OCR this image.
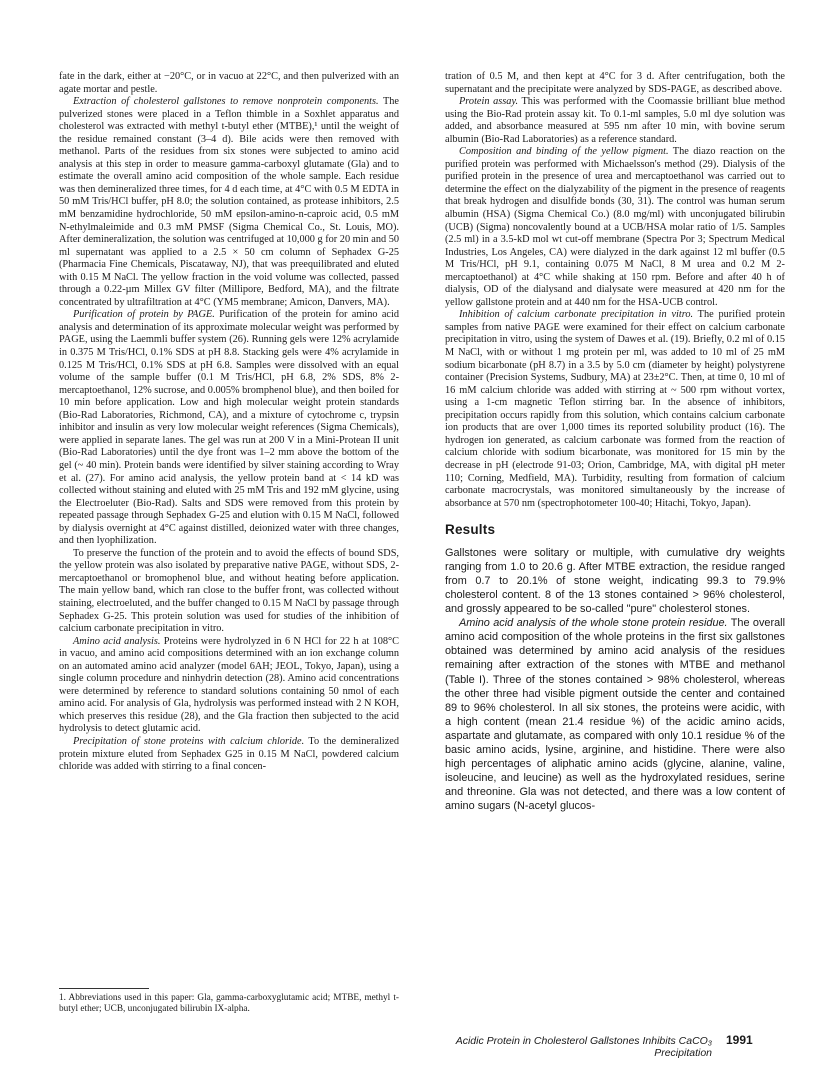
fate in the dark, either at −20°C, or in vacuo at 22°C, and then pulverized with an agate mortar and pestle.

Extraction of cholesterol gallstones to remove nonprotein components. The pulverized stones were placed in a Teflon thimble in a Soxhlet apparatus and cholesterol was extracted with methyl t-butyl ether (MTBE),¹ until the weight of the residue remained constant (3–4 d). Bile acids were then removed with methanol. Parts of the residues from six stones were subjected to amino acid analysis at this step in order to measure gamma-carboxyl glutamate (Gla) and to estimate the overall amino acid composition of the whole sample. Each residue was then demineralized three times, for 4 d each time, at 4°C with 0.5 M EDTA in 50 mM Tris/HCl buffer, pH 8.0; the solution contained, as protease inhibitors, 2.5 mM benzamidine hydrochloride, 50 mM epsilon-amino-n-caproic acid, 0.5 mM N-ethylmaleimide and 0.3 mM PMSF (Sigma Chemical Co., St. Louis, MO). After demineralization, the solution was centrifuged at 10,000 g for 20 min and 50 ml supernatant was applied to a 2.5 × 50 cm column of Sephadex G-25 (Pharmacia Fine Chemicals, Piscataway, NJ), that was preequilibrated and eluted with 0.15 M NaCl. The yellow fraction in the void volume was collected, passed through a 0.22-µm Millex GV filter (Millipore, Bedford, MA), and the filtrate concentrated by ultrafiltration at 4°C (YM5 membrane; Amicon, Danvers, MA).

Purification of protein by PAGE. Purification of the protein for amino acid analysis and determination of its approximate molecular weight was performed by PAGE, using the Laemmli buffer system (26). Running gels were 12% acrylamide in 0.375 M Tris/HCl, 0.1% SDS at pH 8.8. Stacking gels were 4% acrylamide in 0.125 M Tris/HCl, 0.1% SDS at pH 6.8. Samples were dissolved with an equal volume of the sample buffer (0.1 M Tris/HCl, pH 6.8, 2% SDS, 8% 2-mercaptoethanol, 12% sucrose, and 0.005% bromphenol blue), and then boiled for 10 min before application. Low and high molecular weight protein standards (Bio-Rad Laboratories, Richmond, CA), and a mixture of cytochrome c, trypsin inhibitor and insulin as very low molecular weight references (Sigma Chemicals), were applied in separate lanes. The gel was run at 200 V in a Mini-Protean II unit (Bio-Rad Laboratories) until the dye front was 1–2 mm above the bottom of the gel (~ 40 min). Protein bands were identified by silver staining according to Wray et al. (27). For amino acid analysis, the yellow protein band at < 14 kD was collected without staining and eluted with 25 mM Tris and 192 mM glycine, using the Electroeluter (Bio-Rad). Salts and SDS were removed from this protein by repeated passage through Sephadex G-25 and elution with 0.15 M NaCl, followed by dialysis overnight at 4°C against distilled, deionized water with three changes, and then lyophilization.

To preserve the function of the protein and to avoid the effects of bound SDS, the yellow protein was also isolated by preparative native PAGE, without SDS, 2-mercaptoethanol or bromophenol blue, and without heating before application. The main yellow band, which ran close to the buffer front, was collected without staining, electroeluted, and the buffer changed to 0.15 M NaCl by passage through Sephadex G-25. This protein solution was used for studies of the inhibition of calcium carbonate precipitation in vitro.

Amino acid analysis. Proteins were hydrolyzed in 6 N HCl for 22 h at 108°C in vacuo, and amino acid compositions determined with an ion exchange column on an automated amino acid analyzer (model 6AH; JEOL, Tokyo, Japan), using a single column procedure and ninhydrin detection (28). Amino acid concentrations were determined by reference to standard solutions containing 50 nmol of each amino acid. For analysis of Gla, hydrolysis was performed instead with 2 N KOH, which preserves this residue (28), and the Gla fraction then subjected to the acid hydrolysis to detect glutamic acid.

Precipitation of stone proteins with calcium chloride. To the demineralized protein mixture eluted from Sephadex G25 in 0.15 M NaCl, powdered calcium chloride was added with stirring to a final concen-

1. Abbreviations used in this paper: Gla, gamma-carboxyglutamic acid; MTBE, methyl t-butyl ether; UCB, unconjugated bilirubin IX-alpha.

tration of 0.5 M, and then kept at 4°C for 3 d. After centrifugation, both the supernatant and the precipitate were analyzed by SDS-PAGE, as described above.

Protein assay. This was performed with the Coomassie brilliant blue method using the Bio-Rad protein assay kit. To 0.1-ml samples, 5.0 ml dye solution was added, and absorbance measured at 595 nm after 10 min, with bovine serum albumin (Bio-Rad Laboratories) as a reference standard.

Composition and binding of the yellow pigment. The diazo reaction on the purified protein was performed with Michaelsson's method (29). Dialysis of the purified protein in the presence of urea and mercaptoethanol was carried out to determine the effect on the dialyzability of the pigment in the presence of reagents that break hydrogen and disulfide bonds (30, 31). The control was human serum albumin (HSA) (Sigma Chemical Co.) (8.0 mg/ml) with unconjugated bilirubin (UCB) (Sigma) noncovalently bound at a UCB/HSA molar ratio of 1/5. Samples (2.5 ml) in a 3.5-kD mol wt cut-off membrane (Spectra Por 3; Spectrum Medical Industries, Los Angeles, CA) were dialyzed in the dark against 12 ml buffer (0.5 M Tris/HCl, pH 9.1, containing 0.075 M NaCl, 8 M urea and 0.2 M 2-mercaptoethanol) at 4°C while shaking at 150 rpm. Before and after 40 h of dialysis, OD of the dialysand and dialysate were measured at 420 nm for the yellow gallstone protein and at 440 nm for the HSA-UCB control.

Inhibition of calcium carbonate precipitation in vitro. The purified protein samples from native PAGE were examined for their effect on calcium carbonate precipitation in vitro, using the system of Dawes et al. (19). Briefly, 0.2 ml of 0.15 M NaCl, with or without 1 mg protein per ml, was added to 10 ml of 25 mM sodium bicarbonate (pH 8.7) in a 3.5 by 5.0 cm (diameter by height) polystyrene container (Precision Systems, Sudbury, MA) at 23±2°C. Then, at time 0, 10 ml of 16 mM calcium chloride was added with stirring at ~ 500 rpm without vortex, using a 1-cm magnetic Teflon stirring bar. In the absence of inhibitors, precipitation occurs rapidly from this solution, which contains calcium carbonate ion products that are over 1,000 times its reported solubility product (16). The hydrogen ion generated, as calcium carbonate was formed from the reaction of calcium chloride with sodium bicarbonate, was monitored for 15 min by the decrease in pH (electrode 91-03; Orion, Cambridge, MA, with digital pH meter 110; Corning, Medfield, MA). Turbidity, resulting from formation of calcium carbonate macrocrystals, was monitored simultaneously by the increase of absorbance at 570 nm (spectrophotometer 100-40; Hitachi, Tokyo, Japan).

Results

Gallstones were solitary or multiple, with cumulative dry weights ranging from 1.0 to 20.6 g. After MTBE extraction, the residue ranged from 0.7 to 20.1% of stone weight, indicating 99.3 to 79.9% cholesterol content. 8 of the 13 stones contained > 96% cholesterol, and grossly appeared to be so-called "pure" cholesterol stones.

Amino acid analysis of the whole stone protein residue. The overall amino acid composition of the whole proteins in the first six gallstones obtained was determined by amino acid analysis of the residues remaining after extraction of the stones with MTBE and methanol (Table I). Three of the stones contained > 98% cholesterol, whereas the other three had visible pigment outside the center and contained 89 to 96% cholesterol. In all six stones, the proteins were acidic, with a high content (mean 21.4 residue %) of the acidic amino acids, aspartate and glutamate, as compared with only 10.1 residue % of the basic amino acids, lysine, arginine, and histidine. There were also high percentages of aliphatic amino acids (glycine, alanine, valine, isoleucine, and leucine) as well as the hydroxylated residues, serine and threonine. Gla was not detected, and there was a low content of amino sugars (N-acetyl glucos-

Acidic Protein in Cholesterol Gallstones Inhibits CaCO₃ Precipitation
1991
